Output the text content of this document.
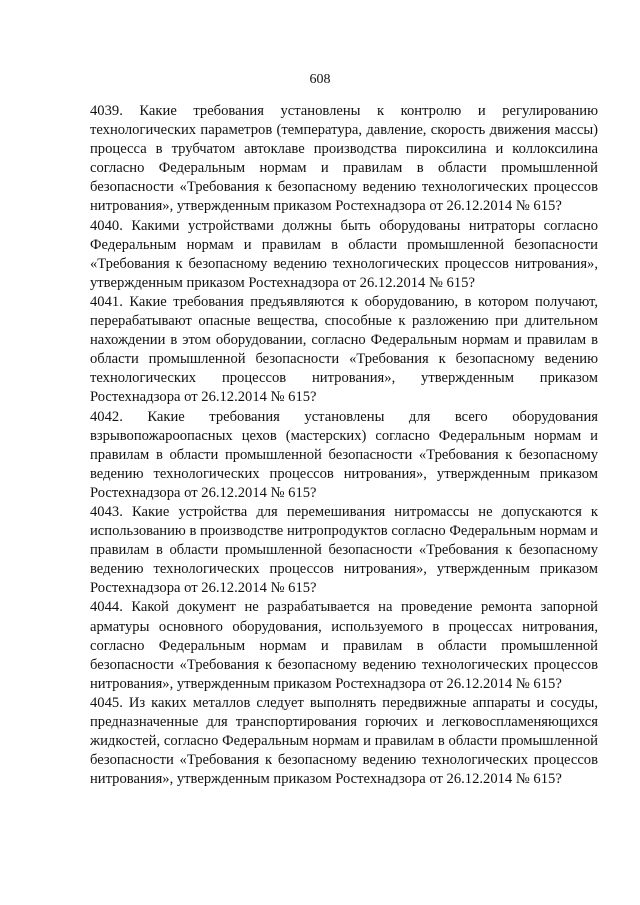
608

4039. Какие требования установлены к контролю и регулированию технологических параметров (температура, давление, скорость движения массы) процесса в трубчатом автоклаве производства пироксилина и коллоксилина согласно Федеральным нормам и правилам в области промышленной безопасности «Требования к безопасному ведению технологических процессов нитрования», утвержденным приказом Ростехнадзора от 26.12.2014 № 615?

4040. Какими устройствами должны быть оборудованы нитраторы согласно Федеральным нормам и правилам в области промышленной безопасности «Требования к безопасному ведению технологических процессов нитрования», утвержденным приказом Ростехнадзора от 26.12.2014 № 615?

4041. Какие требования предъявляются к оборудованию, в котором получают, перерабатывают опасные вещества, способные к разложению при длительном нахождении в этом оборудовании, согласно Федеральным нормам и правилам в области промышленной безопасности «Требования к безопасному ведению технологических процессов нитрования», утвержденным приказом Ростехнадзора от 26.12.2014 № 615?

4042. Какие требования установлены для всего оборудования взрывопожароопасных цехов (мастерских) согласно Федеральным нормам и правилам в области промышленной безопасности «Требования к безопасному ведению технологических процессов нитрования», утвержденным приказом Ростехнадзора от 26.12.2014 № 615?

4043. Какие устройства для перемешивания нитромассы не допускаются к использованию в производстве нитропродуктов согласно Федеральным нормам и правилам в области промышленной безопасности «Требования к безопасному ведению технологических процессов нитрования», утвержденным приказом Ростехнадзора от 26.12.2014 № 615?

4044. Какой документ не разрабатывается на проведение ремонта запорной арматуры основного оборудования, используемого в процессах нитрования, согласно Федеральным нормам и правилам в области промышленной безопасности «Требования к безопасному ведению технологических процессов нитрования», утвержденным приказом Ростехнадзора от 26.12.2014 № 615?

4045. Из каких металлов следует выполнять передвижные аппараты и сосуды, предназначенные для транспортирования горючих и легковоспламеняющихся жидкостей, согласно Федеральным нормам и правилам в области промышленной безопасности «Требования к безопасному ведению технологических процессов нитрования», утвержденным приказом Ростехнадзора от 26.12.2014 № 615?
